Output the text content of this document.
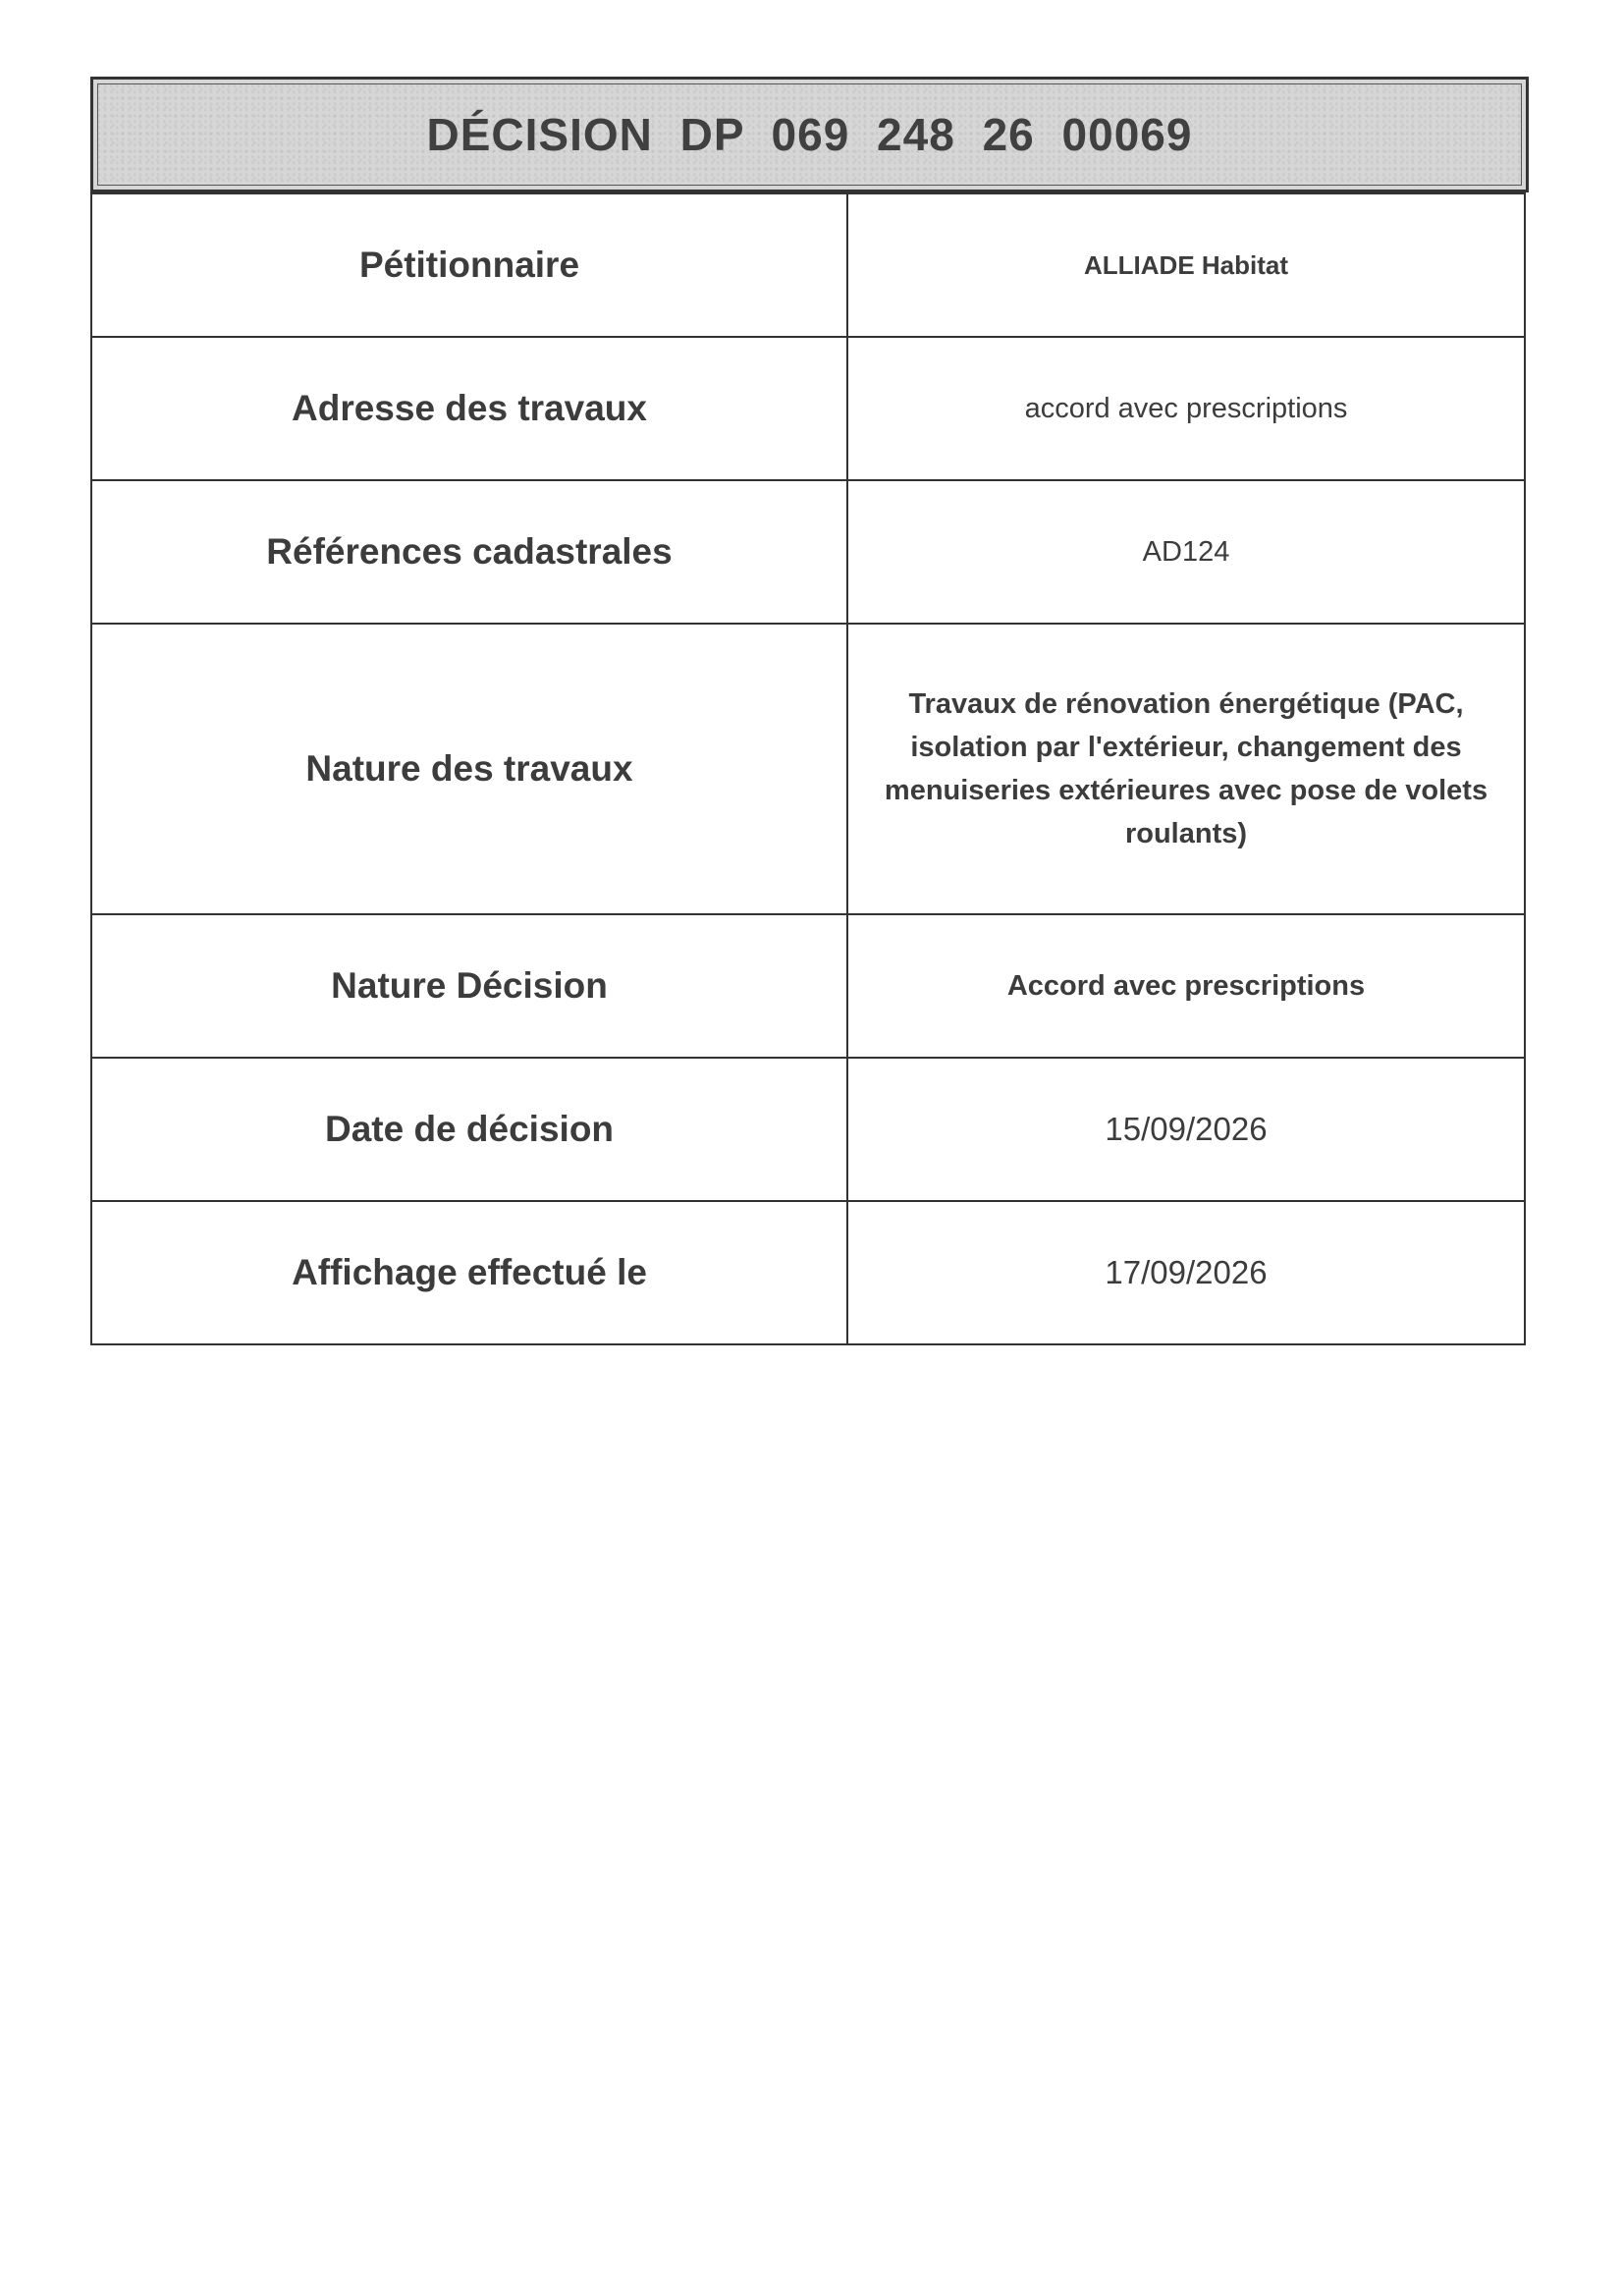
DÉCISION DP 069 248 26 00069
Pétitionnaire	ALLIADE Habitat
Adresse des travaux	accord avec prescriptions
Références cadastrales	AD124
Nature des travaux	Travaux de rénovation énergétique (PAC, isolation par l'extérieur, changement des menuiseries extérieures avec pose de volets roulants)
Nature Décision	Accord avec prescriptions
Date de décision	15/09/2026
Affichage effectué le	17/09/2026
